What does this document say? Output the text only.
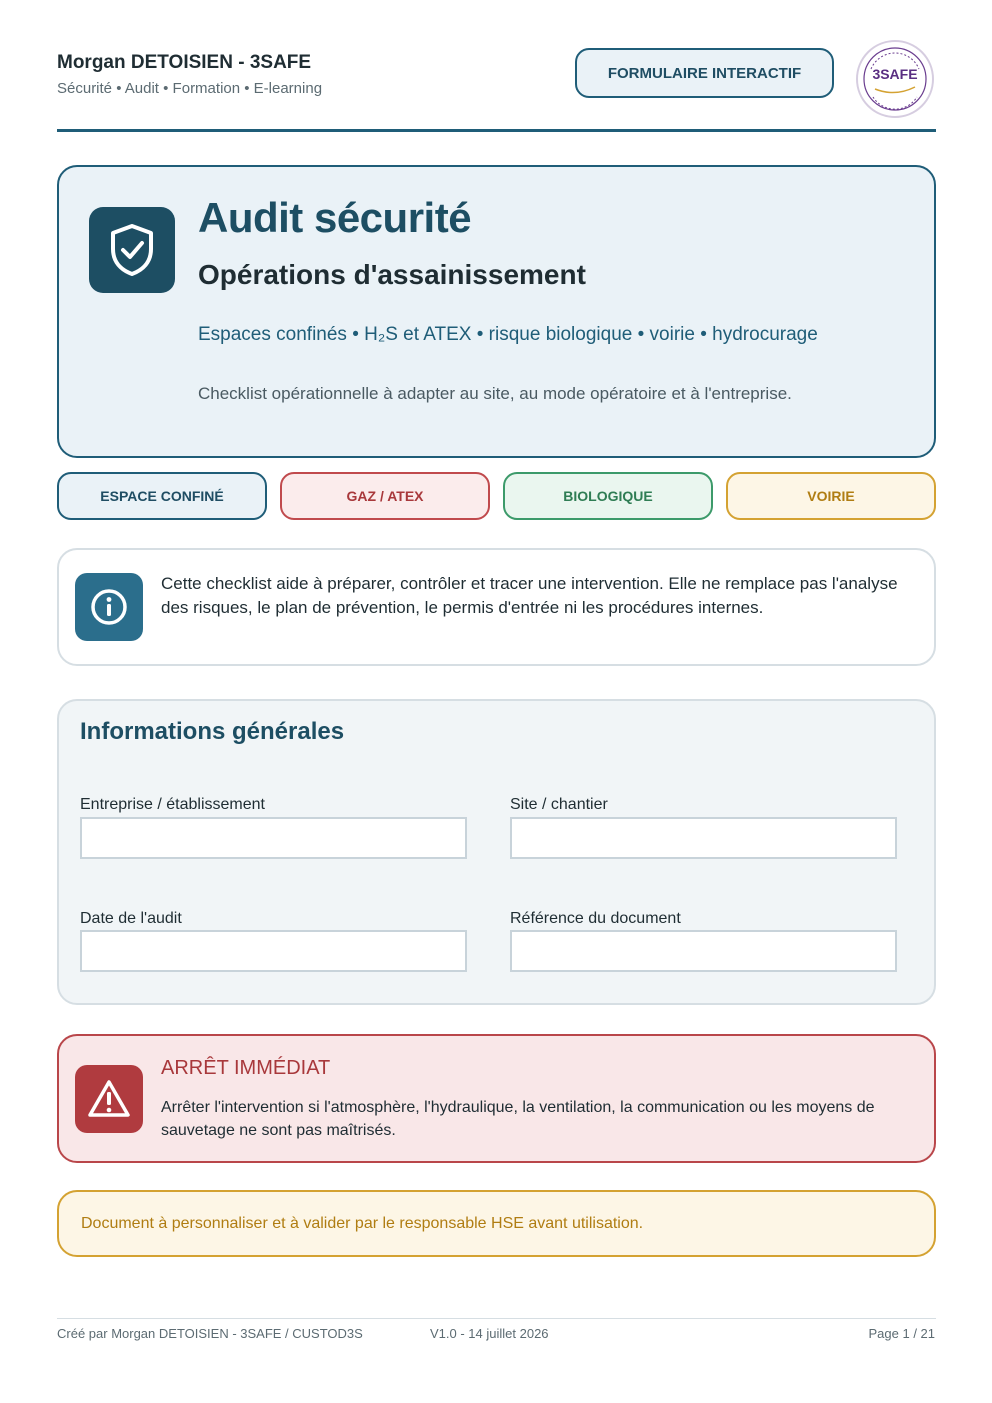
Morgan DETOISIEN - 3SAFE
Sécurité • Audit • Formation • E-learning
FORMULAIRE INTERACTIF	3SAFE
Audit sécurité
Opérations d'assainissement
Espaces confinés • H₂S et ATEX • risque biologique • voirie • hydrocurage
Checklist opérationnelle à adapter au site, au mode opératoire et à l'entreprise.
ESPACE CONFINÉ	GAZ / ATEX	BIOLOGIQUE	VOIRIE
Cette checklist aide à préparer, contrôler et tracer une intervention. Elle ne remplace pas l'analyse des risques, le plan de prévention, le permis d'entrée ni les procédures internes.
Informations générales
Entreprise / établissement	Site / chantier
Date de l'audit	Référence du document
ARRÊT IMMÉDIAT
Arrêter l'intervention si l'atmosphère, l'hydraulique, la ventilation, la communication ou les moyens de sauvetage ne sont pas maîtrisés.
Document à personnaliser et à valider par le responsable HSE avant utilisation.
Créé par Morgan DETOISIEN - 3SAFE / CUSTOD3S	V1.0 - 14 juillet 2026	Page 1 / 21
